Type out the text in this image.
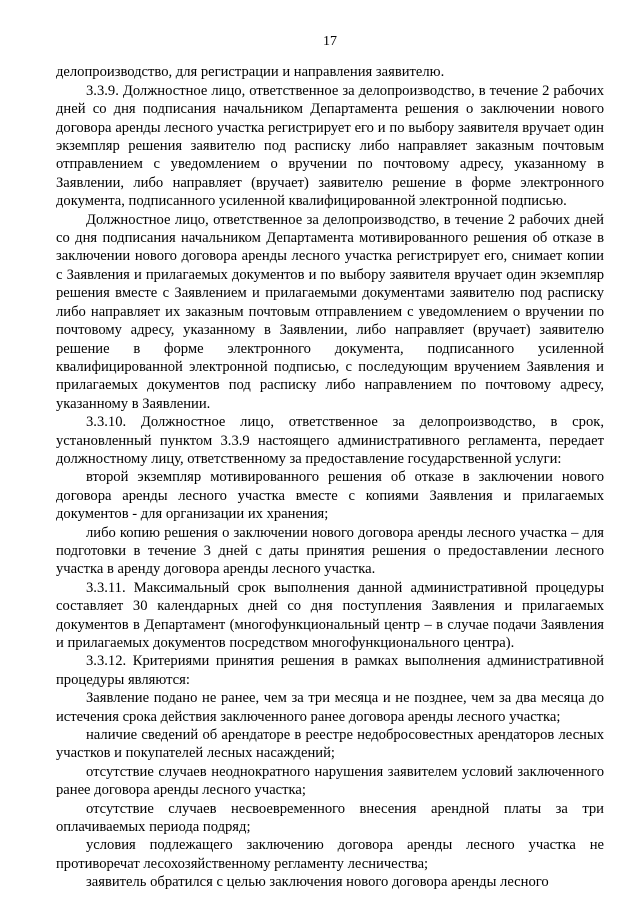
17

делопроизводство, для регистрации и направления заявителю.

3.3.9. Должностное лицо, ответственное за делопроизводство, в течение 2 рабочих дней со дня подписания начальником Департамента решения о заключении нового договора аренды лесного участка регистрирует его и по выбору заявителя вручает один экземпляр решения заявителю под расписку либо направляет заказным почтовым отправлением с уведомлением о вручении по почтовому адресу, указанному в Заявлении, либо направляет (вручает) заявителю решение в форме электронного документа, подписанного усиленной квалифицированной электронной подписью.

Должностное лицо, ответственное за делопроизводство, в течение 2 рабочих дней со дня подписания начальником Департамента мотивированного решения об отказе в заключении нового договора аренды лесного участка регистрирует его, снимает копии с Заявления и прилагаемых документов и по выбору заявителя вручает один экземпляр решения вместе с Заявлением и прилагаемыми документами заявителю под расписку либо направляет их заказным почтовым отправлением с уведомлением о вручении по почтовому адресу, указанному в Заявлении, либо направляет (вручает) заявителю решение в форме электронного документа, подписанного усиленной квалифицированной электронной подписью, с последующим вручением Заявления и прилагаемых документов под расписку либо направлением по почтовому адресу, указанному в Заявлении.

3.3.10. Должностное лицо, ответственное за делопроизводство, в срок, установленный пунктом 3.3.9 настоящего административного регламента, передает должностному лицу, ответственному за предоставление государственной услуги:

второй экземпляр мотивированного решения об отказе в заключении нового договора аренды лесного участка вместе с копиями Заявления и прилагаемых документов - для организации их хранения;

либо копию решения о заключении нового договора аренды лесного участка – для подготовки в течение 3 дней с даты принятия решения о предоставлении лесного участка в аренду договора аренды лесного участка.

3.3.11. Максимальный срок выполнения данной административной процедуры составляет 30 календарных дней со дня поступления Заявления и прилагаемых документов в Департамент (многофункциональный центр – в случае подачи Заявления и прилагаемых документов посредством многофункционального центра).

3.3.12. Критериями принятия решения в рамках выполнения административной процедуры являются:

Заявление подано не ранее, чем за три месяца и не позднее, чем за два месяца до истечения срока действия заключенного ранее договора аренды лесного участка;

наличие сведений об арендаторе в реестре недобросовестных арендаторов лесных участков и покупателей лесных насаждений;

отсутствие случаев неоднократного нарушения заявителем условий заключенного ранее договора аренды лесного участка;

отсутствие случаев несвоевременного внесения арендной платы за три оплачиваемых периода подряд;

условия подлежащего заключению договора аренды лесного участка не противоречат лесохозяйственному регламенту лесничества;

заявитель обратился с целью заключения нового договора аренды лесного
